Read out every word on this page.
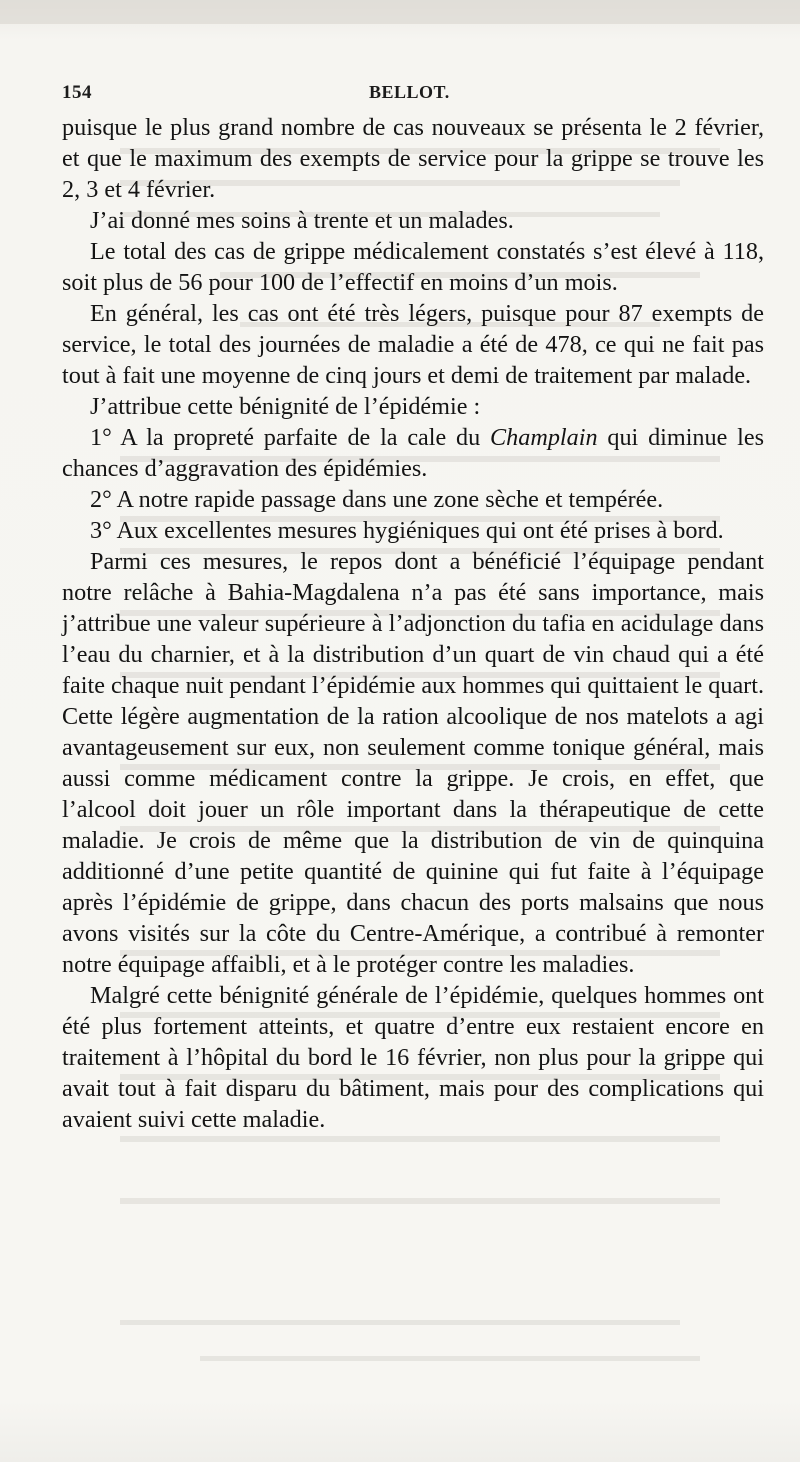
154	BELLOT.

puisque le plus grand nombre de cas nouveaux se présenta le 2 février, et que le maximum des exempts de service pour la grippe se trouve les 2, 3 et 4 février.

J’ai donné mes soins à trente et un malades.

Le total des cas de grippe médicalement constatés s’est élevé à 118, soit plus de 56 pour 100 de l’effectif en moins d’un mois.

En général, les cas ont été très légers, puisque pour 87 exempts de service, le total des journées de maladie a été de 478, ce qui ne fait pas tout à fait une moyenne de cinq jours et demi de traitement par malade.

J’attribue cette bénignité de l’épidémie :

1° A la propreté parfaite de la cale du Champlain qui diminue les chances d’aggravation des épidémies.

2° A notre rapide passage dans une zone sèche et tempérée.

3° Aux excellentes mesures hygiéniques qui ont été prises à bord.

Parmi ces mesures, le repos dont a bénéficié l’équipage pendant notre relâche à Bahia-Magdalena n’a pas été sans importance, mais j’attribue une valeur supérieure à l’adjonction du tafia en acidulage dans l’eau du charnier, et à la distribution d’un quart de vin chaud qui a été faite chaque nuit pendant l’épidémie aux hommes qui quittaient le quart. Cette légère augmentation de la ration alcoolique de nos matelots a agi avantageusement sur eux, non seulement comme tonique général, mais aussi comme médicament contre la grippe. Je crois, en effet, que l’alcool doit jouer un rôle important dans la thérapeutique de cette maladie. Je crois de même que la distribution de vin de quinquina additionné d’une petite quantité de quinine qui fut faite à l’équipage après l’épidémie de grippe, dans chacun des ports malsains que nous avons visités sur la côte du Centre-Amérique, a contribué à remonter notre équipage affaibli, et à le protéger contre les maladies.

Malgré cette bénignité générale de l’épidémie, quelques hommes ont été plus fortement atteints, et quatre d’entre eux restaient encore en traitement à l’hôpital du bord le 16 février, non plus pour la grippe qui avait tout à fait disparu du bâtiment, mais pour des complications qui avaient suivi cette maladie.
